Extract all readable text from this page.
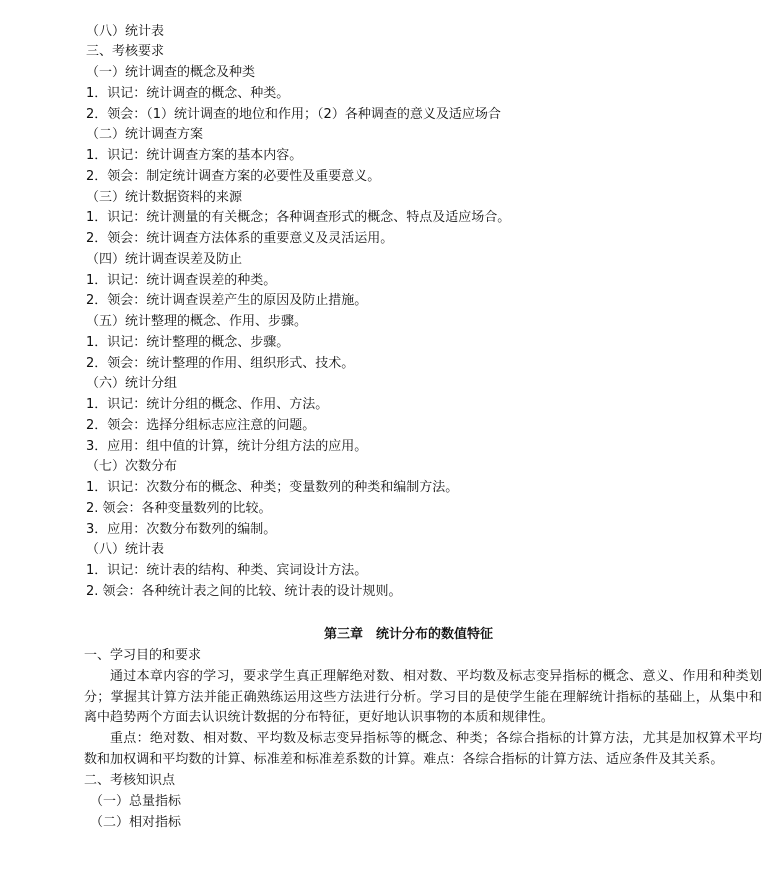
（八）统计表
三、考核要求
（一）统计调查的概念及种类
1．识记：统计调查的概念、种类。
2．领会：（1）统计调查的地位和作用；（2）各种调查的意义及适应场合
（二）统计调查方案
1．识记：统计调查方案的基本内容。
2．领会：制定统计调查方案的必要性及重要意义。
（三）统计数据资料的来源
1．识记：统计测量的有关概念；各种调查形式的概念、特点及适应场合。
2．领会：统计调查方法体系的重要意义及灵活运用。
（四）统计调查误差及防止
1．识记：统计调查误差的种类。
2．领会：统计调查误差产生的原因及防止措施。
（五）统计整理的概念、作用、步骤。
1．识记：统计整理的概念、步骤。
2．领会：统计整理的作用、组织形式、技术。
（六）统计分组
1．识记：统计分组的概念、作用、方法。
2．领会：选择分组标志应注意的问题。
3．应用：组中值的计算，统计分组方法的应用。
（七）次数分布
1．识记：次数分布的概念、种类；变量数列的种类和编制方法。
2. 领会：各种变量数列的比较。
3．应用：次数分布数列的编制。
（八）统计表
1．识记：统计表的结构、种类、宾词设计方法。
2. 领会：各种统计表之间的比较、统计表的设计规则。
第三章　统计分布的数值特征
一、学习目的和要求
通过本章内容的学习，要求学生真正理解绝对数、相对数、平均数及标志变异指标的概念、意义、作用和种类划分；掌握其计算方法并能正确熟练运用这些方法进行分析。学习目的是使学生能在理解统计指标的基础上，从集中和离中趋势两个方面去认识统计数据的分布特征，更好地认识事物的本质和规律性。
重点：绝对数、相对数、平均数及标志变异指标等的概念、种类；各综合指标的计算方法，尤其是加权算术平均数和加权调和平均数的计算、标准差和标准差系数的计算。难点：各综合指标的计算方法、适应条件及其关系。
二、考核知识点
（一）总量指标
（二）相对指标
